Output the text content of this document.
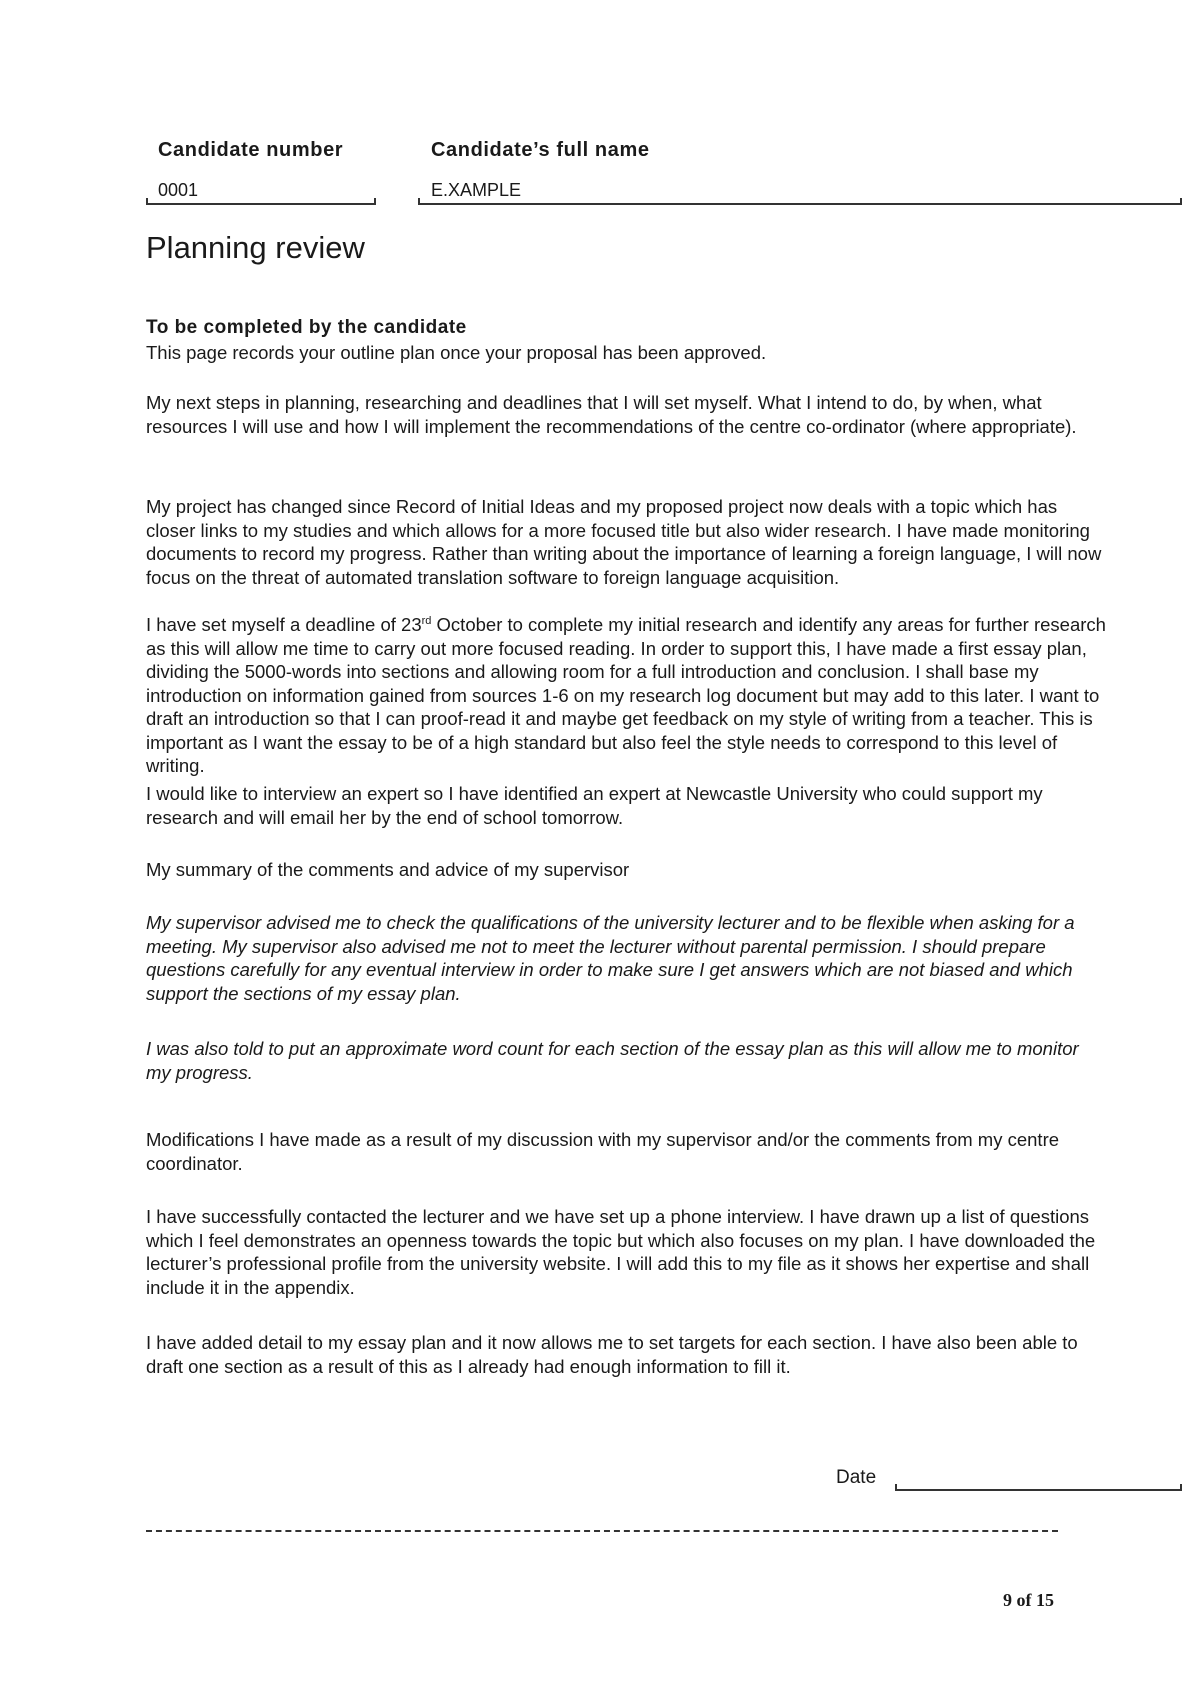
Candidate number
0001
Candidate’s full name
E.XAMPLE
Planning review

To be completed by the candidate

This page records your outline plan once your proposal has been approved.

My next steps in planning, researching and deadlines that I will set myself. What I intend to do, by when, what resources I will use and how I will implement the recommendations of the centre co-ordinator (where appropriate).

My project has changed since Record of Initial Ideas and my proposed project now deals with a topic which has closer links to my studies and which allows for a more focused title but also wider research. I have made monitoring documents to record my progress. Rather than writing about the importance of learning a foreign language, I will now focus on the threat of automated translation software to foreign language acquisition.

I have set myself a deadline of 23rd October to complete my initial research and identify any areas for further research as this will allow me time to carry out more focused reading. In order to support this, I have made a first essay plan, dividing the 5000-words into sections and allowing room for a full introduction and conclusion. I shall base my introduction on information gained from sources 1-6 on my research log document but may add to this later. I want to draft an introduction so that I can proof-read it and maybe get feedback on my style of writing from a teacher. This is important as I want the essay to be of a high standard but also feel the style needs to correspond to this level of writing.

I would like to interview an expert so I have identified an expert at Newcastle University who could support my research and will email her by the end of school tomorrow.

My summary of the comments and advice of my supervisor

My supervisor advised me to check the qualifications of the university lecturer and to be flexible when asking for a meeting. My supervisor also advised me not to meet the lecturer without parental permission. I should prepare questions carefully for any eventual interview in order to make sure I get answers which are not biased and which support the sections of my essay plan.

I was also told to put an approximate word count for each section of the essay plan as this will allow me to monitor my progress.

Modifications I have made as a result of my discussion with my supervisor and/or the comments from my centre coordinator.

I have successfully contacted the lecturer and we have set up a phone interview. I have drawn up a list of questions which I feel demonstrates an openness towards the topic but which also focuses on my plan. I have downloaded the lecturer’s professional profile from the university website. I will add this to my file as it shows her expertise and shall include it in the appendix.

I have added detail to my essay plan and it now allows me to set targets for each section. I have also been able to draft one section as a result of this as I already had enough information to fill it.

Date
9 of 15
